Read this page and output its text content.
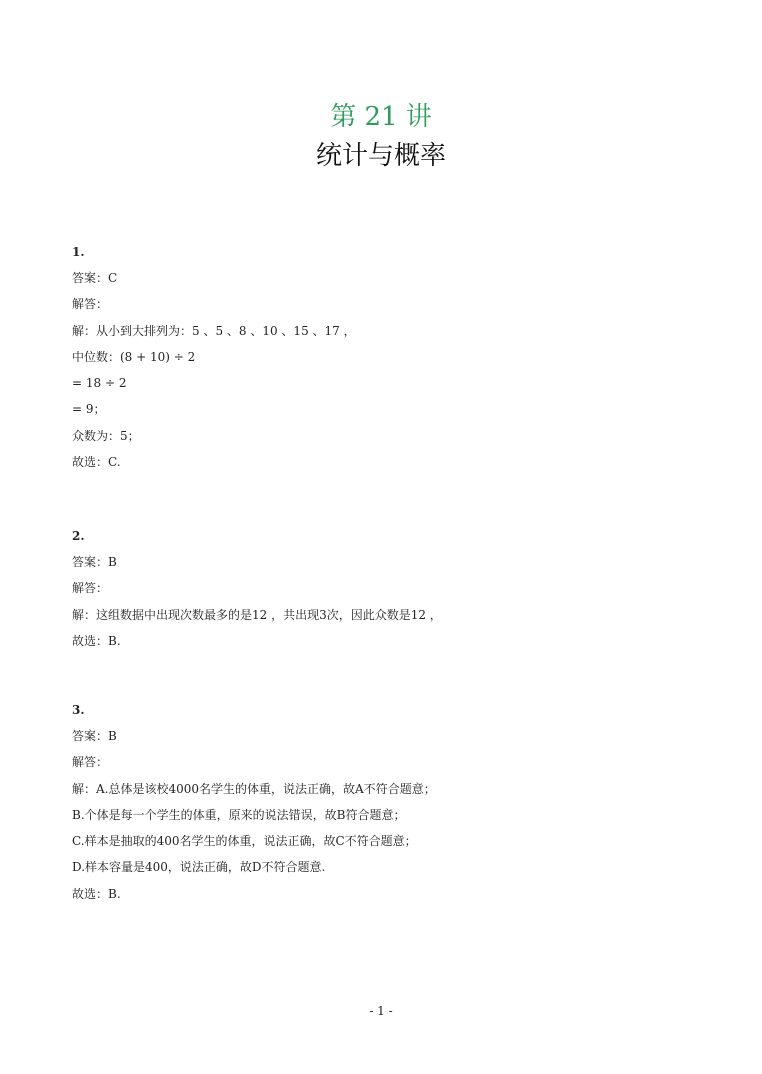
第 21 讲
统计与概率
1.
答案：C
解答：
解：从小到大排列为：5 、5 、8 、10 、15 、17 ，
中位数：(8 + 10) ÷ 2
= 18 ÷ 2
= 9；
众数为：5；
故选：C.
2.
答案：B
解答：
解：这组数据中出现次数最多的是12 ，共出现3次，因此众数是12 ，
故选：B.
3.
答案：B
解答：
解：A.总体是该校4000名学生的体重，说法正确，故A不符合题意；
B.个体是每一个学生的体重，原来的说法错误，故B符合题意；
C.样本是抽取的400名学生的体重，说法正确，故C不符合题意；
D.样本容量是400，说法正确，故D不符合题意.
故选：B.
- 1 -
